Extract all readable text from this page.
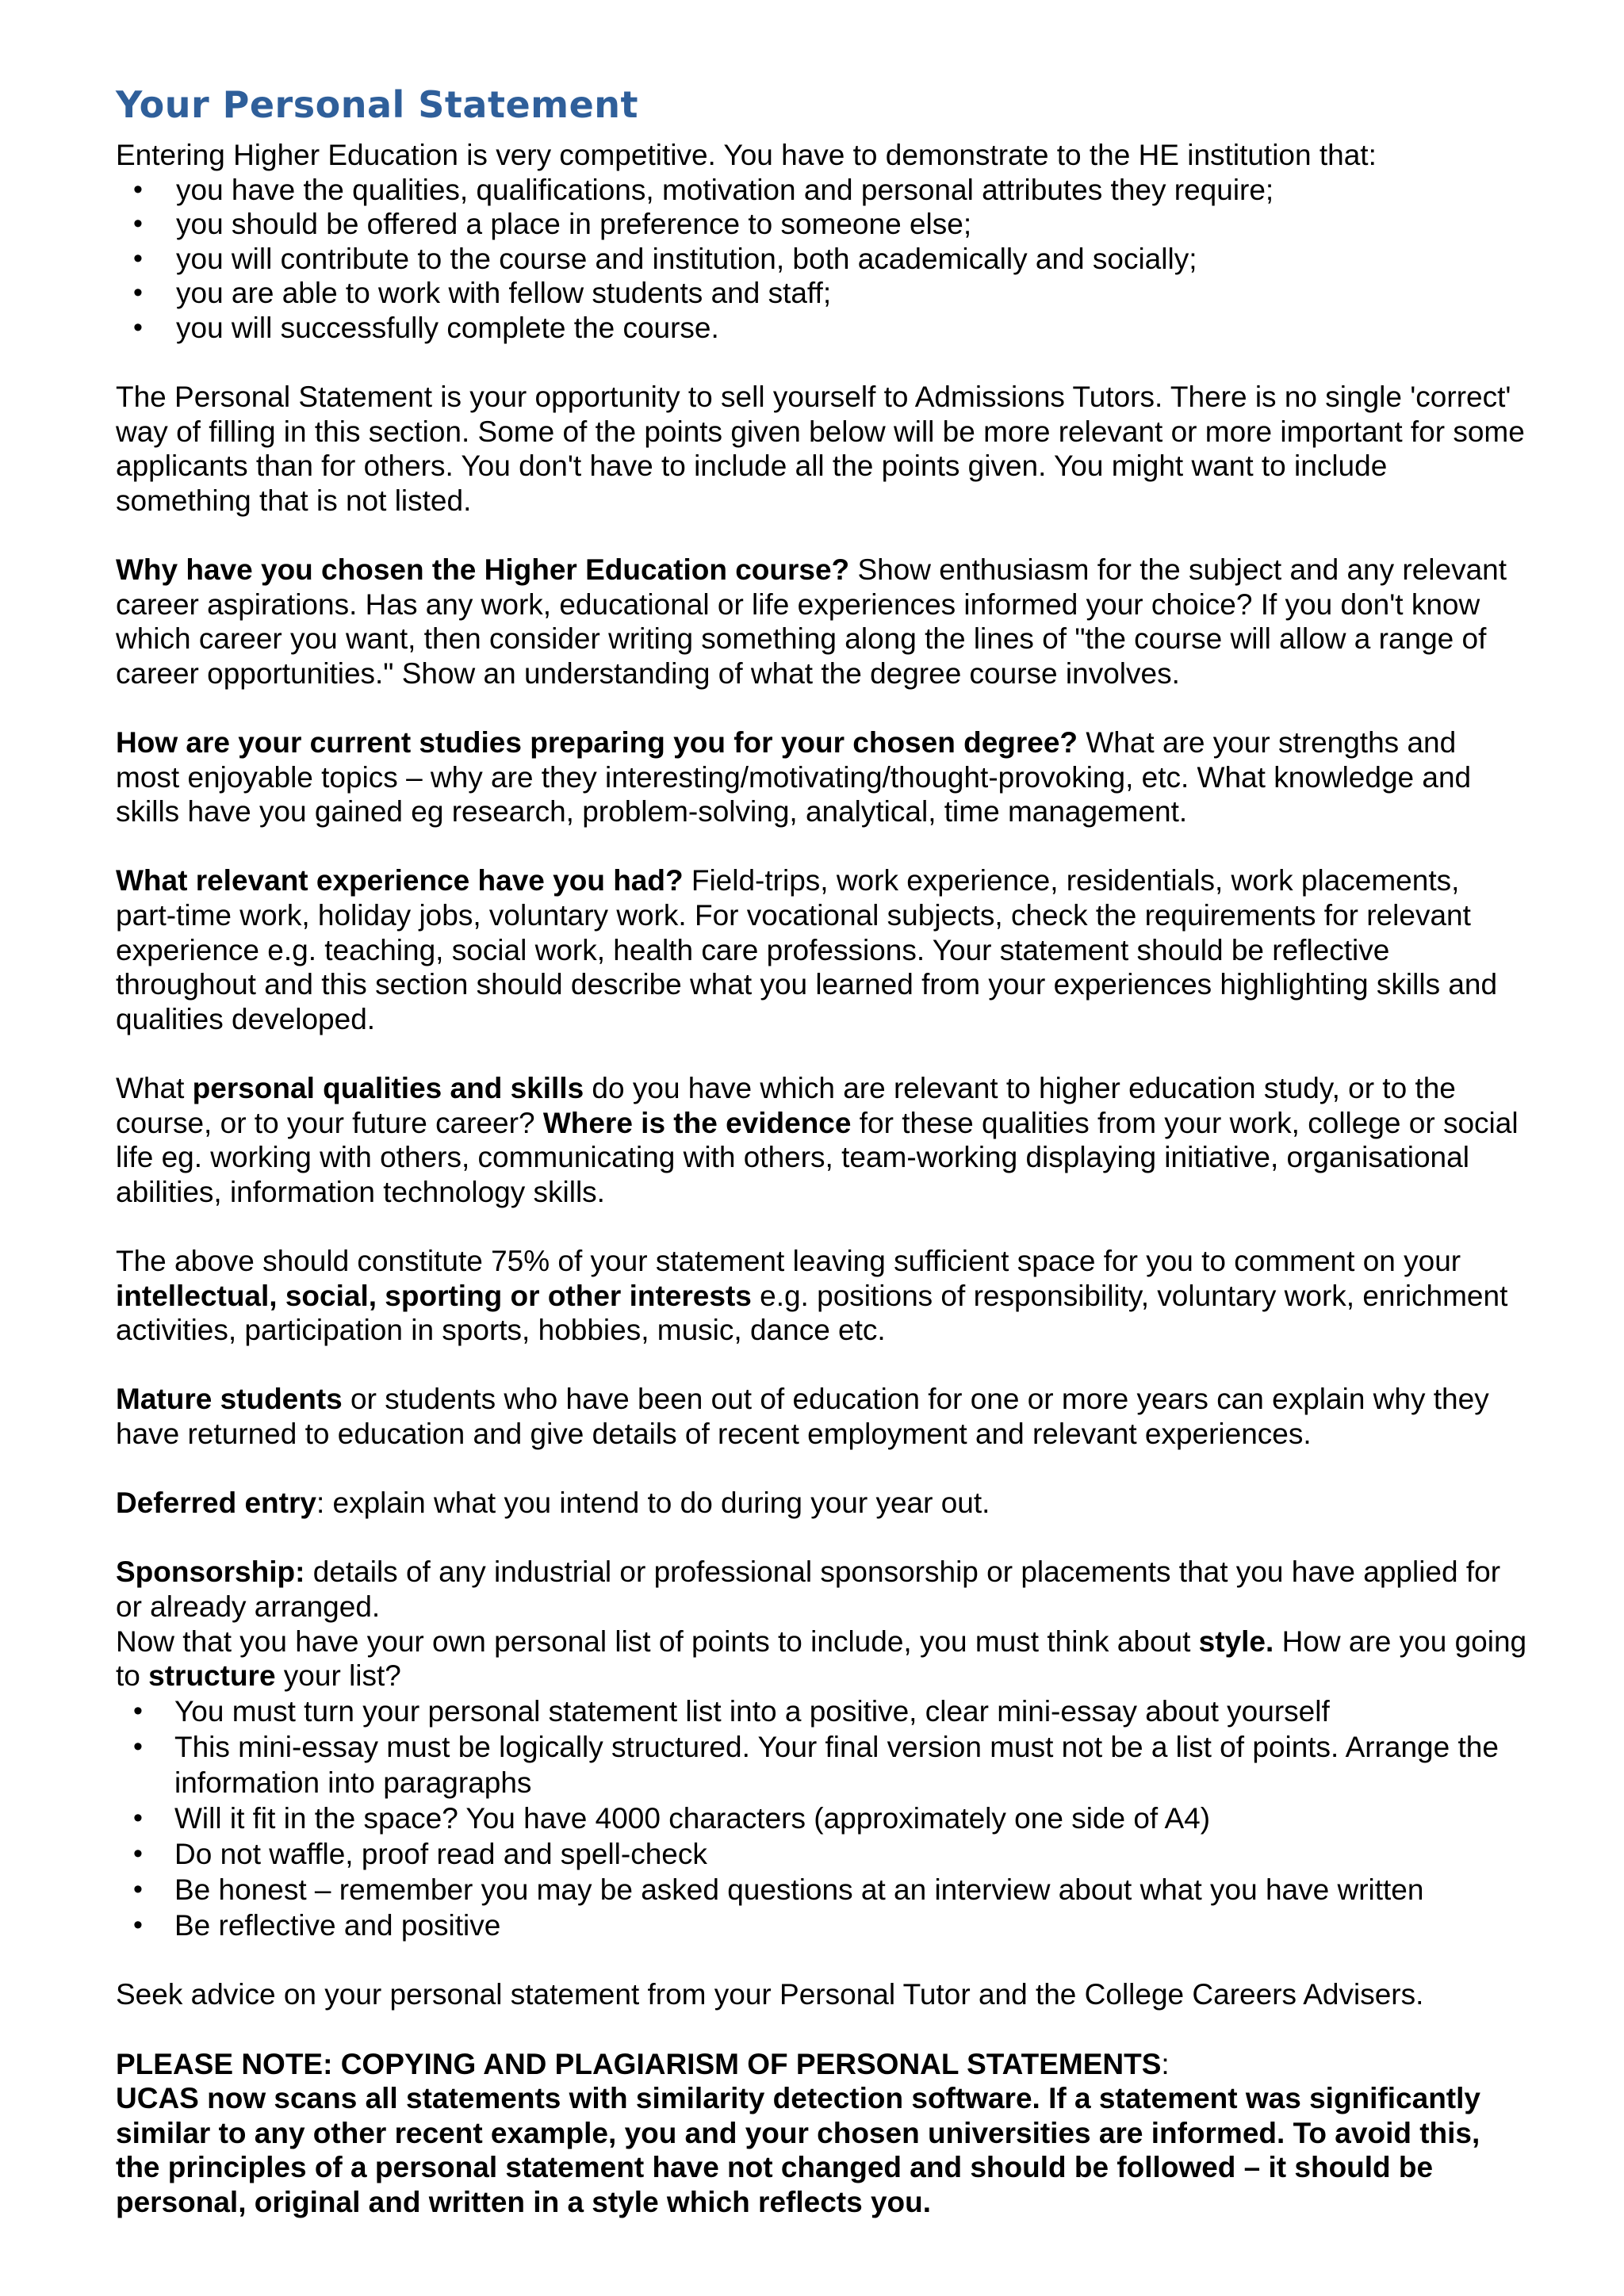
Your Personal Statement

Entering Higher Education is very competitive. You have to demonstrate to the HE institution that:

• you have the qualities, qualifications, motivation and personal attributes they require;
• you should be offered a place in preference to someone else;
• you will contribute to the course and institution, both academically and socially;
• you are able to work with fellow students and staff;
• you will successfully complete the course.

The Personal Statement is your opportunity to sell yourself to Admissions Tutors. There is no single 'correct' way of filling in this section. Some of the points given below will be more relevant or more important for some applicants than for others. You don't have to include all the points given. You might want to include something that is not listed.

Why have you chosen the Higher Education course? Show enthusiasm for the subject and any relevant career aspirations. Has any work, educational or life experiences informed your choice? If you don't know which career you want, then consider writing something along the lines of "the course will allow a range of career opportunities." Show an understanding of what the degree course involves.

How are your current studies preparing you for your chosen degree? What are your strengths and most enjoyable topics – why are they interesting/motivating/thought-provoking, etc. What knowledge and skills have you gained eg research, problem-solving, analytical, time management.

What relevant experience have you had? Field-trips, work experience, residentials, work placements, part-time work, holiday jobs, voluntary work. For vocational subjects, check the requirements for relevant experience e.g. teaching, social work, health care professions. Your statement should be reflective throughout and this section should describe what you learned from your experiences highlighting skills and qualities developed.

What personal qualities and skills do you have which are relevant to higher education study, or to the course, or to your future career? Where is the evidence for these qualities from your work, college or social life eg. working with others, communicating with others, team-working displaying initiative, organisational abilities, information technology skills.

The above should constitute 75% of your statement leaving sufficient space for you to comment on your intellectual, social, sporting or other interests e.g. positions of responsibility, voluntary work, enrichment activities, participation in sports, hobbies, music, dance etc.

Mature students or students who have been out of education for one or more years can explain why they have returned to education and give details of recent employment and relevant experiences.

Deferred entry: explain what you intend to do during your year out.

Sponsorship: details of any industrial or professional sponsorship or placements that you have applied for or already arranged.

Now that you have your own personal list of points to include, you must think about style. How are you going to structure your list?

• You must turn your personal statement list into a positive, clear mini-essay about yourself
• This mini-essay must be logically structured. Your final version must not be a list of points. Arrange the information into paragraphs
• Will it fit in the space? You have 4000 characters (approximately one side of A4)
• Do not waffle, proof read and spell-check
• Be honest – remember you may be asked questions at an interview about what you have written
• Be reflective and positive

Seek advice on your personal statement from your Personal Tutor and the College Careers Advisers.

PLEASE NOTE: COPYING AND PLAGIARISM OF PERSONAL STATEMENTS:

UCAS now scans all statements with similarity detection software. If a statement was significantly similar to any other recent example, you and your chosen universities are informed. To avoid this, the principles of a personal statement have not changed and should be followed – it should be personal, original and written in a style which reflects you.
